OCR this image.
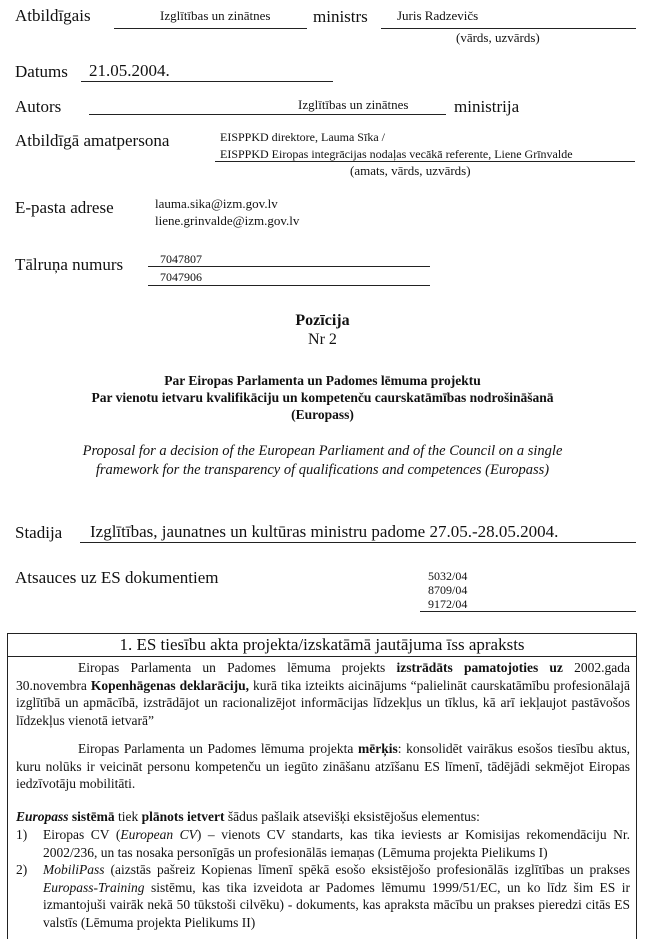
Atbildīgais	Izglītības un zinātnes	ministrs Juris Radzevičs
(vārds, uzvārds)
Datums 21.05.2004.
Autors	Izglītības un zinātnes	ministrija
Atbildīgā amatpersona	EISPPKD direktore, Lauma Sīka /
EISPPKD Eiropas integrācijas nodaļas vecākā referente, Liene Grīnvalde
(amats, vārds, uzvārds)
E-pasta adrese	lauma.sika@izm.gov.lv
liene.grinvalde@izm.gov.lv
Tālruņa numurs	7047807
7047906
Pozīcija
Nr 2
Par Eiropas Parlamenta un Padomes lēmuma projektu
Par vienotu ietvaru kvalifikāciju un kompetenču caurskatāmības nodrošināšanā
(Europass)
Proposal for a decision of the European Parliament and of the Council on a single
framework for the transparency of qualifications and competences (Europass)
Stadija Izglītības, jaunatnes un kultūras ministru padome 27.05.-28.05.2004.
Atsauces uz ES dokumentiem	5032/04
8709/04
9172/04
1. ES tiesību akta projekta/izskatāmā jautājuma īss apraksts
Eiropas Parlamenta un Padomes lēmuma projekts izstrādāts pamatojoties uz 2002.gada 30.novembra Kopenhāgenas deklarāciju, kurā tika izteikts aicinājums “palielināt caurskatāmību profesionālajā izglītībā un apmācībā, izstrādājot un racionalizējot informācijas līdzekļus un tīklus, kā arī iekļaujot pastāvošos līdzekļus vienotā ietvarā”
Eiropas Parlamenta un Padomes lēmuma projekta mērķis: konsolidēt vairākus esošos tiesību aktus, kuru nolūks ir veicināt personu kompetenču un iegūto zināšanu atzīšanu ES līmenī, tādējādi sekmējot Eiropas iedzīvotāju mobilitāti.
Europass sistēmā tiek plānots ietvert šādus pašlaik atsevišķi eksistējošus elementus:
1) Eiropas CV (European CV) – vienots CV standarts, kas tika ieviests ar Komisijas rekomendāciju Nr. 2002/236, un tas nosaka personīgās un profesionālās iemaņas (Lēmuma projekta Pielikums I)
2) MobiliPass (aizstās pašreiz Kopienas līmenī spēkā esošo eksistējošo profesionālās izglītības un prakses Europass-Training sistēmu, kas tika izveidota ar Padomes lēmumu 1999/51/EC, un ko līdz šim ES ir izmantojuši vairāk nekā 50 tūkstoši cilvēku) - dokuments, kas apraksta mācību un prakses pieredzi citās ES valstīs (Lēmuma projekta Pielikums II)
